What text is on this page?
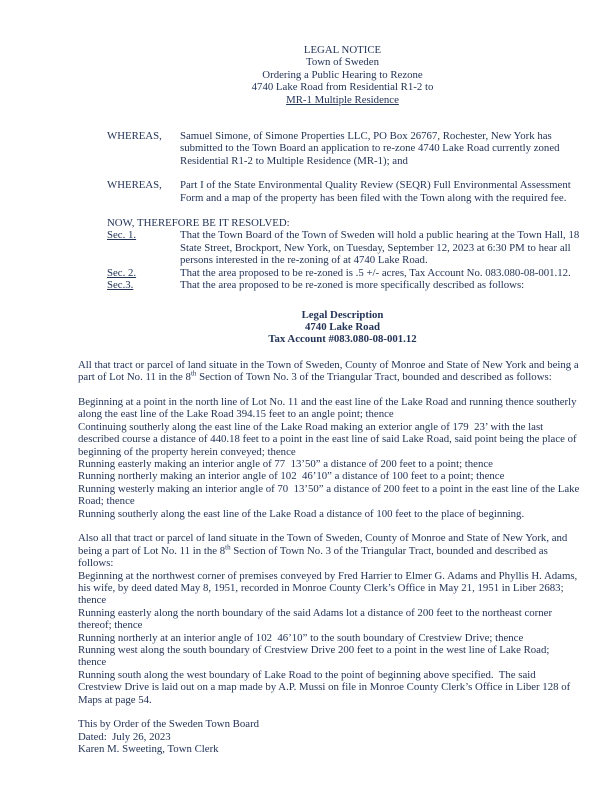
LEGAL NOTICE
Town of Sweden
Ordering a Public Hearing to Rezone
4740 Lake Road from Residential R1-2 to
MR-1 Multiple Residence
WHEREAS,	Samuel Simone, of Simone Properties LLC, PO Box 26767, Rochester, New York has submitted to the Town Board an application to re-zone 4740 Lake Road currently zoned Residential R1-2 to Multiple Residence (MR-1); and
WHEREAS,	Part I of the State Environmental Quality Review (SEQR) Full Environmental Assessment Form and a map of the property has been filed with the Town along with the required fee.
NOW, THEREFORE BE IT RESOLVED:
Sec. 1.	That the Town Board of the Town of Sweden will hold a public hearing at the Town Hall, 18 State Street, Brockport, New York, on Tuesday, September 12, 2023 at 6:30 PM to hear all persons interested in the re-zoning of at 4740 Lake Road.
Sec. 2.	That the area proposed to be re-zoned is .5 +/- acres, Tax Account No. 083.080-08-001.12.
Sec.3.	That the area proposed to be re-zoned is more specifically described as follows:
Legal Description
4740 Lake Road
Tax Account #083.080-08-001.12
All that tract or parcel of land situate in the Town of Sweden, County of Monroe and State of New York and being a part of Lot No. 11 in the 8th Section of Town No. 3 of the Triangular Tract, bounded and described as follows:
Beginning at a point in the north line of Lot No. 11 and the east line of the Lake Road and running thence southerly along the east line of the Lake Road 394.15 feet to an angle point; thence
Continuing southerly along the east line of the Lake Road making an exterior angle of 179  23’ with the last described course a distance of 440.18 feet to a point in the east line of said Lake Road, said point being the place of beginning of the property herein conveyed; thence
Running easterly making an interior angle of 77  13’50” a distance of 200 feet to a point; thence
Running northerly making an interior angle of 102  46’10” a distance of 100 feet to a point; thence
Running westerly making an interior angle of 70  13’50” a distance of 200 feet to a point in the east line of the Lake Road; thence
Running southerly along the east line of the Lake Road a distance of 100 feet to the place of beginning.
Also all that tract or parcel of land situate in the Town of Sweden, County of Monroe and State of New York, and being a part of Lot No. 11 in the 8th Section of Town No. 3 of the Triangular Tract, bounded and described as follows:
Beginning at the northwest corner of premises conveyed by Fred Harrier to Elmer G. Adams and Phyllis H. Adams, his wife, by deed dated May 8, 1951, recorded in Monroe County Clerk’s Office in May 21, 1951 in Liber 2683; thence
Running easterly along the north boundary of the said Adams lot a distance of 200 feet to the northeast corner thereof; thence
Running northerly at an interior angle of 102  46’10” to the south boundary of Crestview Drive; thence
Running west along the south boundary of Crestview Drive 200 feet to a point in the west line of Lake Road; thence
Running south along the west boundary of Lake Road to the point of beginning above specified.  The said Crestview Drive is laid out on a map made by A.P. Mussi on file in Monroe County Clerk’s Office in Liber 128 of Maps at page 54.
This by Order of the Sweden Town Board
Dated:  July 26, 2023
Karen M. Sweeting, Town Clerk
